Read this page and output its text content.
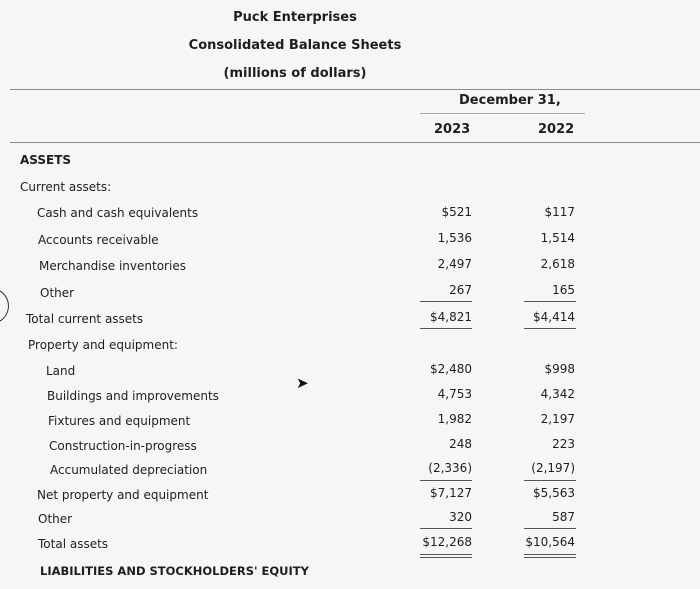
Puck Enterprises
Consolidated Balance Sheets
(millions of dollars)
December 31,
2023	2022
ASSETS
Current assets:
Cash and cash equivalents	$521	$117
Accounts receivable	1,536	1,514
Merchandise inventories	2,497	2,618
Other	267	165
Total current assets	$4,821	$4,414
Property and equipment:
Land	$2,480	$998
Buildings and improvements	4,753	4,342
➤
Fixtures and equipment	1,982	2,197
Construction-in-progress	248	223
Accumulated depreciation	(2,336)	(2,197)
Net property and equipment	$7,127	$5,563
Other	320	587
Total assets	$12,268	$10,564
LIABILITIES AND STOCKHOLDERS' EQUITY
